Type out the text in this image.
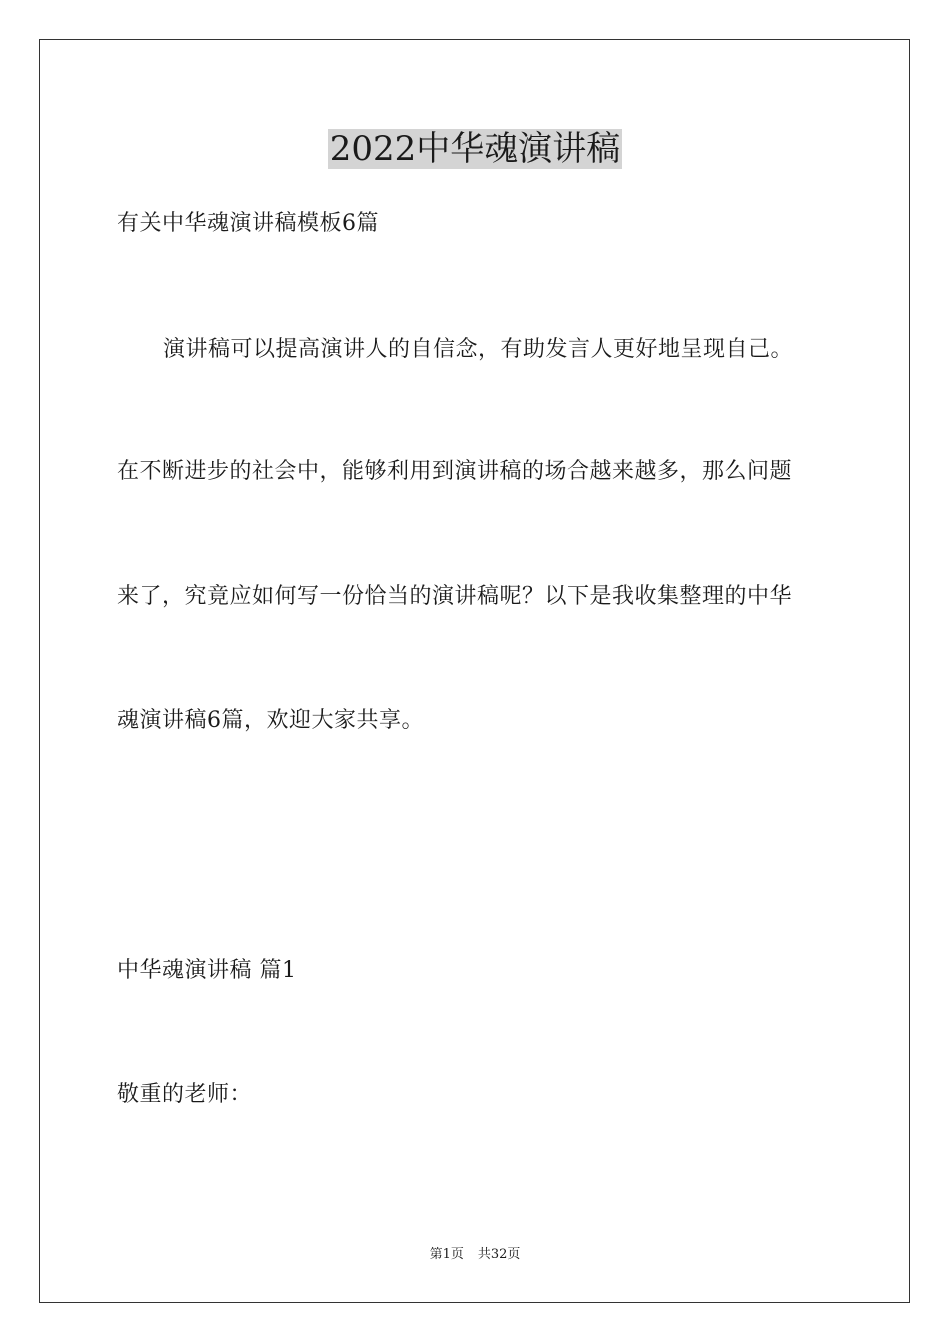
2022中华魂演讲稿
有关中华魂演讲稿模板6篇
演讲稿可以提高演讲人的自信念，有助发言人更好地呈现自己。
在不断进步的社会中，能够利用到演讲稿的场合越来越多，那么问题
来了，究竟应如何写一份恰当的演讲稿呢？以下是我收集整理的中华
魂演讲稿6篇，欢迎大家共享。
中华魂演讲稿 篇1
敬重的老师：
第1页 共32页
